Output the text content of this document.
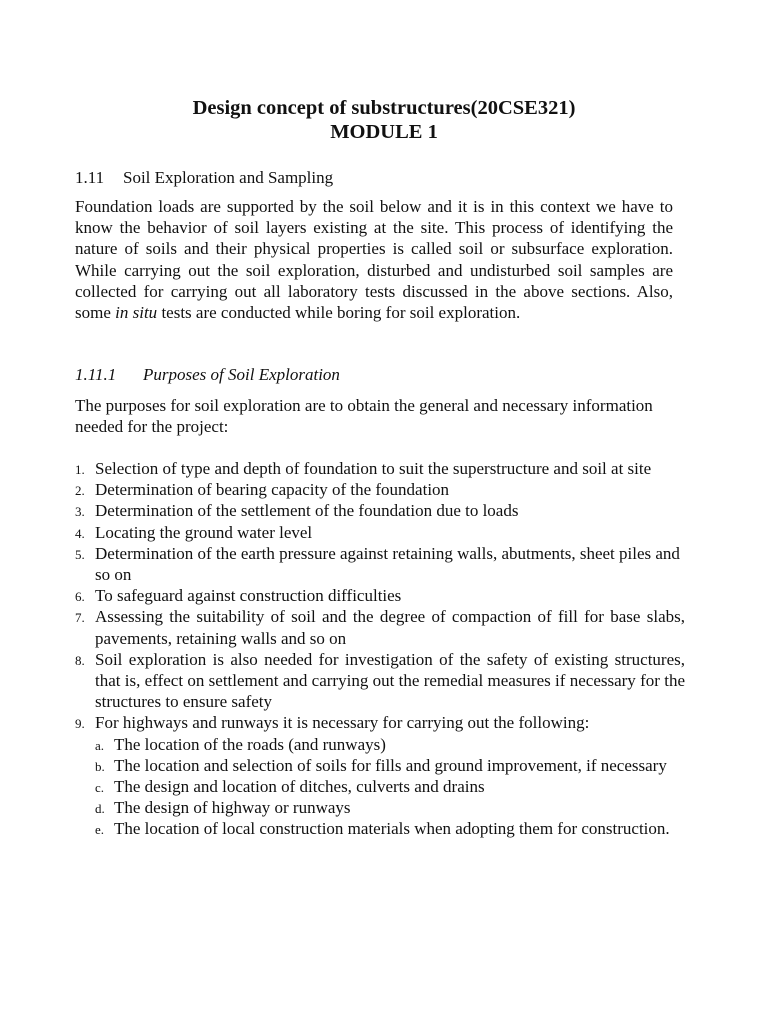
Design concept of substructures(20CSE321)
MODULE 1
1.11 Soil Exploration and Sampling

Foundation loads are supported by the soil below and it is in this context we have to know the behavior of soil layers existing at the site. This process of identifying the nature of soils and their physical properties is called soil or subsurface exploration. While carrying out the soil exploration, disturbed and undisturbed soil samples are collected for carrying out all laboratory tests discussed in the above sections. Also, some in situ tests are conducted while boring for soil exploration.

1.11.1 Purposes of Soil Exploration

The purposes for soil exploration are to obtain the general and necessary information needed for the project:

1. Selection of type and depth of foundation to suit the superstructure and soil at site
2. Determination of bearing capacity of the foundation
3. Determination of the settlement of the foundation due to loads
4. Locating the ground water level
5. Determination of the earth pressure against retaining walls, abutments, sheet piles and so on
6. To safeguard against construction difficulties
7. Assessing the suitability of soil and the degree of compaction of fill for base slabs, pavements, retaining walls and so on
8. Soil exploration is also needed for investigation of the safety of existing structures, that is, effect on settlement and carrying out the remedial measures if necessary for the structures to ensure safety
9. For highways and runways it is necessary for carrying out the following:
a. The location of the roads (and runways)
b. The location and selection of soils for fills and ground improvement, if necessary
c. The design and location of ditches, culverts and drains
d. The design of highway or runways
e. The location of local construction materials when adopting them for construction.
